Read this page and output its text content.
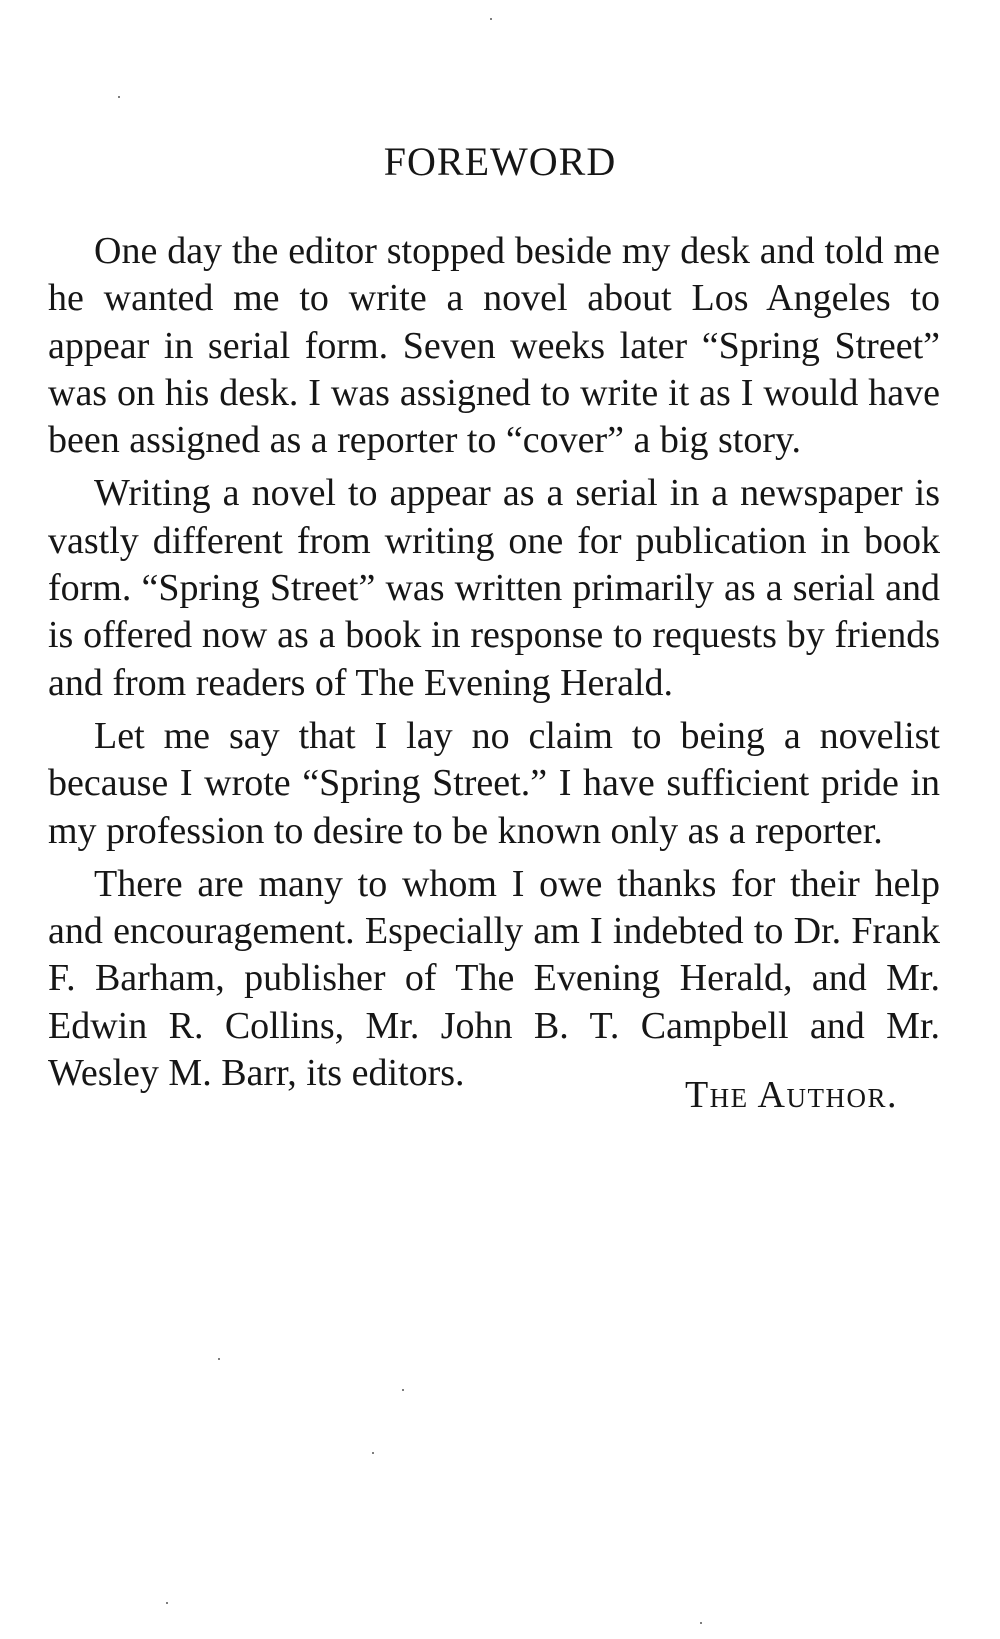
FOREWORD

One day the editor stopped beside my desk and told me he wanted me to write a novel about Los Angeles to appear in serial form. Seven weeks later “Spring Street” was on his desk. I was assigned to write it as I would have been assigned as a reporter to “cover” a big story.

Writing a novel to appear as a serial in a newspaper is vastly different from writing one for publication in book form. “Spring Street” was written primarily as a serial and is offered now as a book in response to requests by friends and from readers of The Evening Herald.

Let me say that I lay no claim to being a novelist because I wrote “Spring Street.” I have sufficient pride in my profession to desire to be known only as a reporter.

There are many to whom I owe thanks for their help and encouragement. Especially am I indebted to Dr. Frank F. Barham, publisher of The Evening Herald, and Mr. Edwin R. Collins, Mr. John B. T. Campbell and Mr. Wesley M. Barr, its editors.

The Author.
